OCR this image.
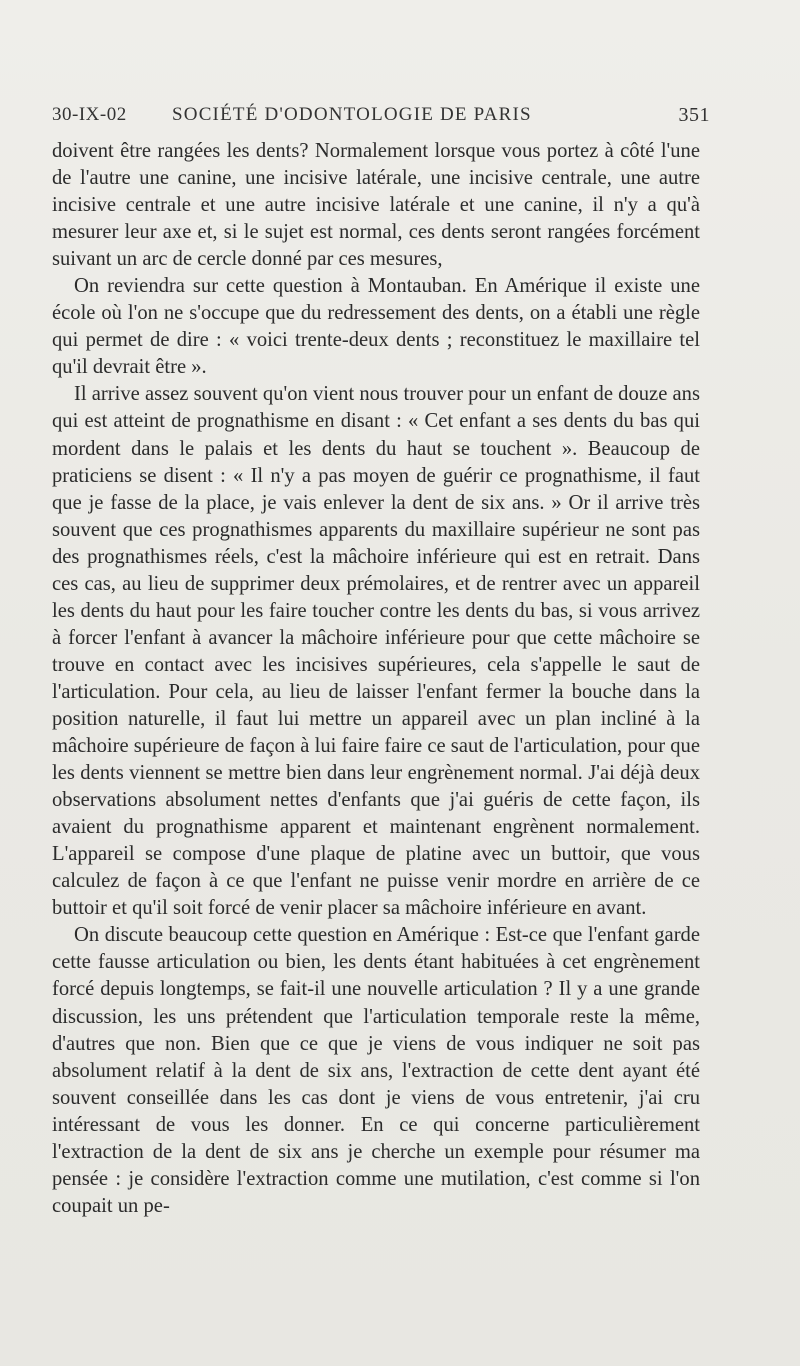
30-IX-02 SOCIÉTÉ D'ODONTOLOGIE DE PARIS	351

doivent être rangées les dents? Normalement lorsque vous portez à côté l'une de l'autre une canine, une incisive latérale, une incisive centrale, une autre incisive centrale et une autre incisive latérale et une canine, il n'y a qu'à mesurer leur axe et, si le sujet est normal, ces dents seront rangées forcément suivant un arc de cercle donné par ces mesures,

On reviendra sur cette question à Montauban. En Amérique il existe une école où l'on ne s'occupe que du redressement des dents, on a établi une règle qui permet de dire : « voici trente-deux dents ; reconstituez le maxillaire tel qu'il devrait être ».

Il arrive assez souvent qu'on vient nous trouver pour un enfant de douze ans qui est atteint de prognathisme en disant : « Cet enfant a ses dents du bas qui mordent dans le palais et les dents du haut se touchent ». Beaucoup de praticiens se disent : « Il n'y a pas moyen de guérir ce prognathisme, il faut que je fasse de la place, je vais enlever la dent de six ans. » Or il arrive très souvent que ces prognathismes apparents du maxillaire supérieur ne sont pas des prognathismes réels, c'est la mâchoire inférieure qui est en retrait. Dans ces cas, au lieu de supprimer deux prémolaires, et de rentrer avec un appareil les dents du haut pour les faire toucher contre les dents du bas, si vous arrivez à forcer l'enfant à avancer la mâchoire inférieure pour que cette mâchoire se trouve en contact avec les incisives supérieures, cela s'appelle le saut de l'articulation. Pour cela, au lieu de laisser l'enfant fermer la bouche dans la position naturelle, il faut lui mettre un appareil avec un plan incliné à la mâchoire supérieure de façon à lui faire faire ce saut de l'articulation, pour que les dents viennent se mettre bien dans leur engrènement normal. J'ai déjà deux observations absolument nettes d'enfants que j'ai guéris de cette façon, ils avaient du prognathisme apparent et maintenant engrènent normalement. L'appareil se compose d'une plaque de platine avec un buttoir, que vous calculez de façon à ce que l'enfant ne puisse venir mordre en arrière de ce buttoir et qu'il soit forcé de venir placer sa mâchoire inférieure en avant.

On discute beaucoup cette question en Amérique : Est-ce que l'enfant garde cette fausse articulation ou bien, les dents étant habituées à cet engrènement forcé depuis longtemps, se fait-il une nouvelle articulation ? Il y a une grande discussion, les uns prétendent que l'articulation temporale reste la même, d'autres que non. Bien que ce que je viens de vous indiquer ne soit pas absolument relatif à la dent de six ans, l'extraction de cette dent ayant été souvent conseillée dans les cas dont je viens de vous entretenir, j'ai cru intéressant de vous les donner. En ce qui concerne particulièrement l'extraction de la dent de six ans je cherche un exemple pour résumer ma pensée : je considère l'extraction comme une mutilation, c'est comme si l'on coupait un pe-
